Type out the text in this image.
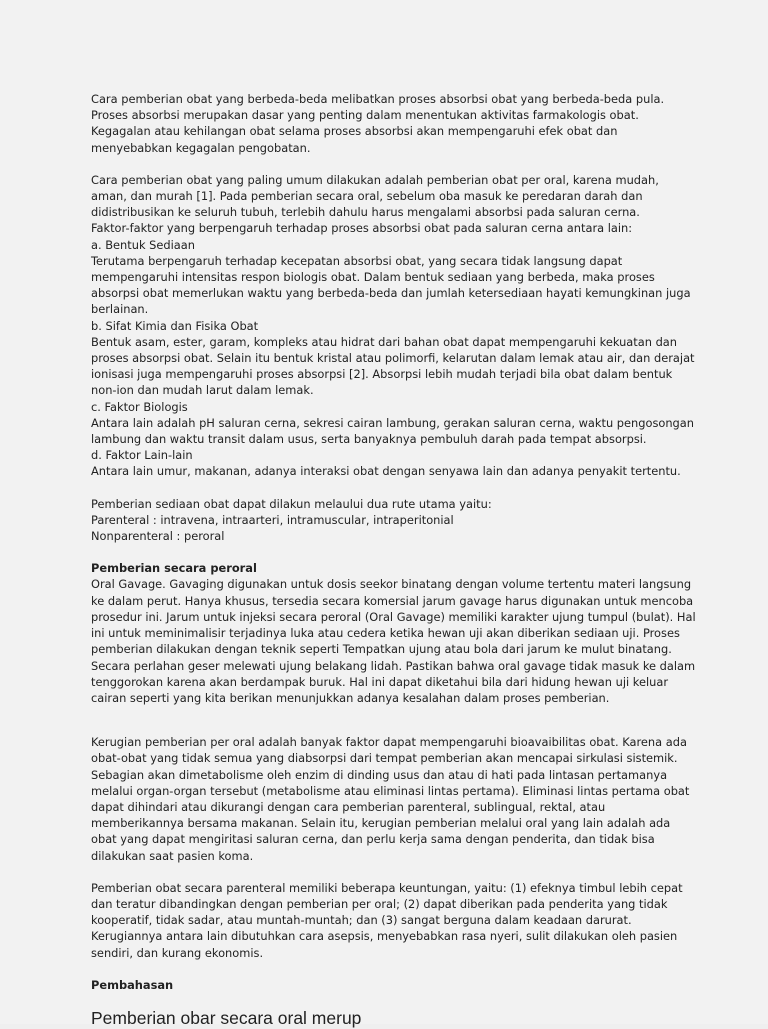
Cara pemberian obat yang berbeda-beda melibatkan proses absorbsi obat yang berbeda-beda pula. Proses absorbsi merupakan dasar yang penting dalam menentukan aktivitas farmakologis obat. Kegagalan atau kehilangan obat selama proses absorbsi akan mempengaruhi efek obat dan menyebabkan kegagalan pengobatan.

Cara pemberian obat yang paling umum dilakukan adalah pemberian obat per oral, karena mudah, aman, dan murah [1]. Pada pemberian secara oral, sebelum oba masuk ke peredaran darah dan didistribusikan ke seluruh tubuh, terlebih dahulu harus mengalami absorbsi pada saluran cerna.

Faktor-faktor yang berpengaruh terhadap proses absorbsi obat pada saluran cerna antara lain:

a. Bentuk Sediaan

Terutama berpengaruh terhadap kecepatan absorbsi obat, yang secara tidak langsung dapat mempengaruhi intensitas respon biologis obat. Dalam bentuk sediaan yang berbeda, maka proses absorpsi obat memerlukan waktu yang berbeda-beda dan jumlah ketersediaan hayati kemungkinan juga berlainan.

b. Sifat Kimia dan Fisika Obat

Bentuk asam, ester, garam, kompleks atau hidrat dari bahan obat dapat mempengaruhi kekuatan dan proses absorpsi obat. Selain itu bentuk kristal atau polimorfi, kelarutan dalam lemak atau air, dan derajat ionisasi juga mempengaruhi proses absorpsi [2]. Absorpsi lebih mudah terjadi bila obat dalam bentuk non-ion dan mudah larut dalam lemak.

c. Faktor Biologis

Antara lain adalah pH saluran cerna, sekresi cairan lambung, gerakan saluran cerna, waktu pengosongan lambung dan waktu transit dalam usus, serta banyaknya pembuluh darah pada tempat absorpsi.

d. Faktor Lain-lain

Antara lain umur, makanan, adanya interaksi obat dengan senyawa lain dan adanya penyakit tertentu.

Pemberian sediaan obat dapat dilakun melaului dua rute utama yaitu:

Parenteral : intravena, intraarteri, intramuscular, intraperitonial

Nonparenteral : peroral

Pemberian secara peroral

Oral Gavage. Gavaging digunakan untuk dosis seekor binatang dengan volume tertentu materi langsung ke dalam perut. Hanya khusus, tersedia secara komersial jarum gavage harus digunakan untuk mencoba prosedur ini. Jarum untuk injeksi secara peroral (Oral Gavage) memiliki karakter ujung tumpul (bulat). Hal ini untuk meminimalisir terjadinya luka atau cedera ketika hewan uji akan diberikan sediaan uji. Proses pemberian dilakukan dengan teknik seperti Tempatkan ujung atau bola dari jarum ke mulut binatang. Secara perlahan geser melewati ujung belakang lidah. Pastikan bahwa oral gavage tidak masuk ke dalam tenggorokan karena akan berdampak buruk. Hal ini dapat diketahui bila dari hidung hewan uji keluar cairan seperti yang kita berikan menunjukkan adanya kesalahan dalam proses pemberian.

Kerugian pemberian per oral adalah banyak faktor dapat mempengaruhi bioavaibilitas obat. Karena ada obat-obat yang tidak semua yang diabsorpsi dari tempat pemberian akan mencapai sirkulasi sistemik. Sebagian akan dimetabolisme oleh enzim di dinding usus dan atau di hati pada lintasan pertamanya melalui organ-organ tersebut (metabolisme atau eliminasi lintas pertama). Eliminasi lintas pertama obat dapat dihindari atau dikurangi dengan cara pemberian parenteral, sublingual, rektal, atau memberikannya bersama makanan. Selain itu, kerugian pemberian melalui oral yang lain adalah ada obat yang dapat mengiritasi saluran cerna, dan perlu kerja sama dengan penderita, dan tidak bisa dilakukan saat pasien koma.

Pemberian obat secara parenteral memiliki beberapa keuntungan, yaitu: (1) efeknya timbul lebih cepat dan teratur dibandingkan dengan pemberian per oral; (2) dapat diberikan pada penderita yang tidak kooperatif, tidak sadar, atau muntah-muntah; dan (3) sangat berguna dalam keadaan darurat. Kerugiannya antara lain dibutuhkan cara asepsis, menyebabkan rasa nyeri, sulit dilakukan oleh pasien sendiri, dan kurang ekonomis.

Pembahasan

Pemberian obar secara oral merup
